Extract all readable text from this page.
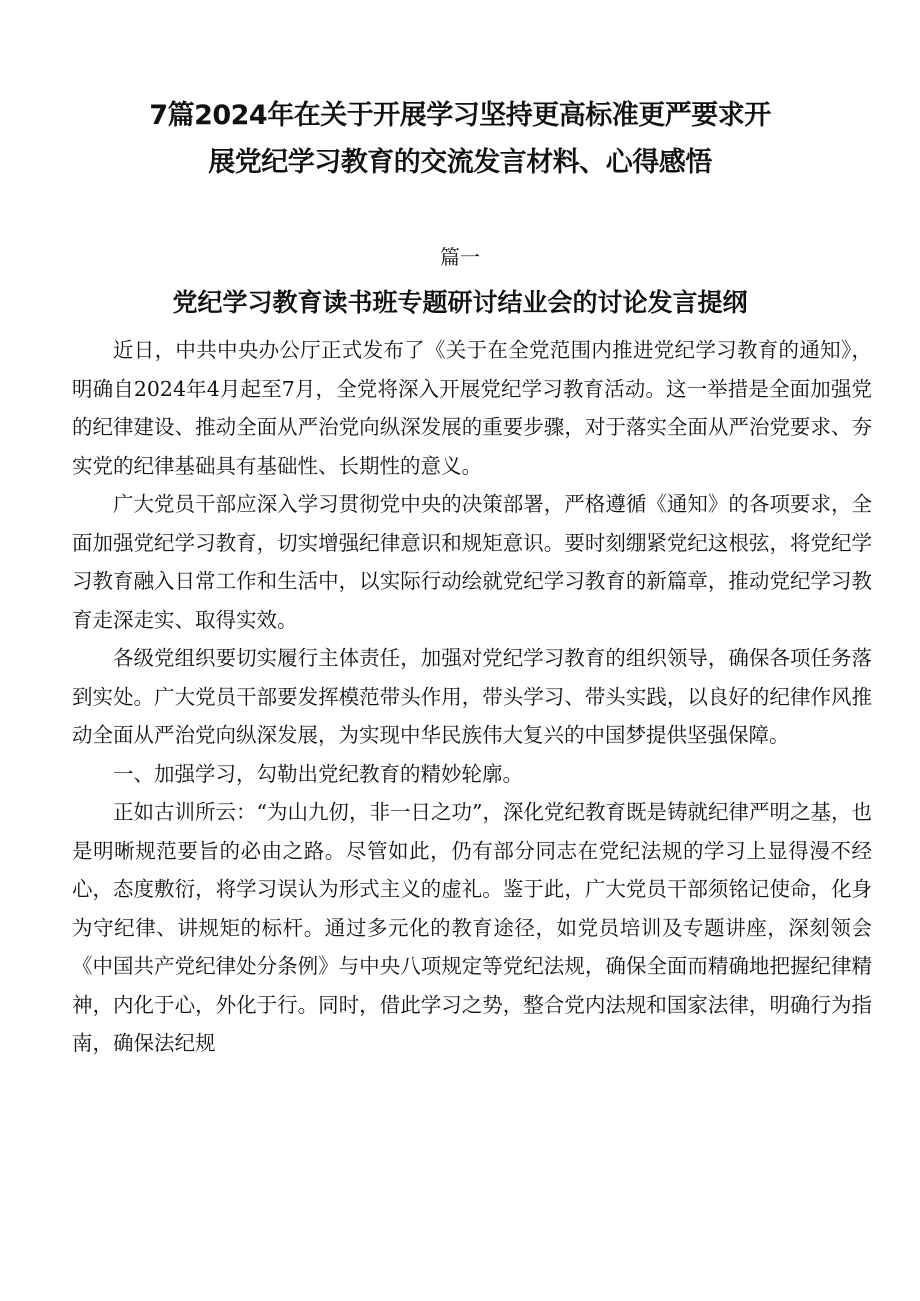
7篇2024年在关于开展学习坚持更高标准更严要求开
展党纪学习教育的交流发言材料、心得感悟
篇一
党纪学习教育读书班专题研讨结业会的讨论发言提纲

近日，中共中央办公厅正式发布了《关于在全党范围内推进党纪学习教育的通知》，明确自2024年4月起至7月，全党将深入开展党纪学习教育活动。这一举措是全面加强党的纪律建设、推动全面从严治党向纵深发展的重要步骤，对于落实全面从严治党要求、夯实党的纪律基础具有基础性、长期性的意义。

广大党员干部应深入学习贯彻党中央的决策部署，严格遵循《通知》的各项要求，全面加强党纪学习教育，切实增强纪律意识和规矩意识。要时刻绷紧党纪这根弦，将党纪学习教育融入日常工作和生活中，以实际行动绘就党纪学习教育的新篇章，推动党纪学习教育走深走实、取得实效。

各级党组织要切实履行主体责任，加强对党纪学习教育的组织领导，确保各项任务落到实处。广大党员干部要发挥模范带头作用，带头学习、带头实践，以良好的纪律作风推动全面从严治党向纵深发展，为实现中华民族伟大复兴的中国梦提供坚强保障。

一、加强学习，勾勒出党纪教育的精妙轮廓。

正如古训所云：“为山九仞，非一日之功”，深化党纪教育既是铸就纪律严明之基，也是明晰规范要旨的必由之路。尽管如此，仍有部分同志在党纪法规的学习上显得漫不经心，态度敷衍，将学习误认为形式主义的虚礼。鉴于此，广大党员干部须铭记使命，化身为守纪律、讲规矩的标杆。通过多元化的教育途径，如党员培训及专题讲座，深刻领会《中国共产党纪律处分条例》与中央八项规定等党纪法规，确保全面而精确地把握纪律精神，内化于心，外化于行。同时，借此学习之势，整合党内法规和国家法律，明确行为指南，确保法纪规
